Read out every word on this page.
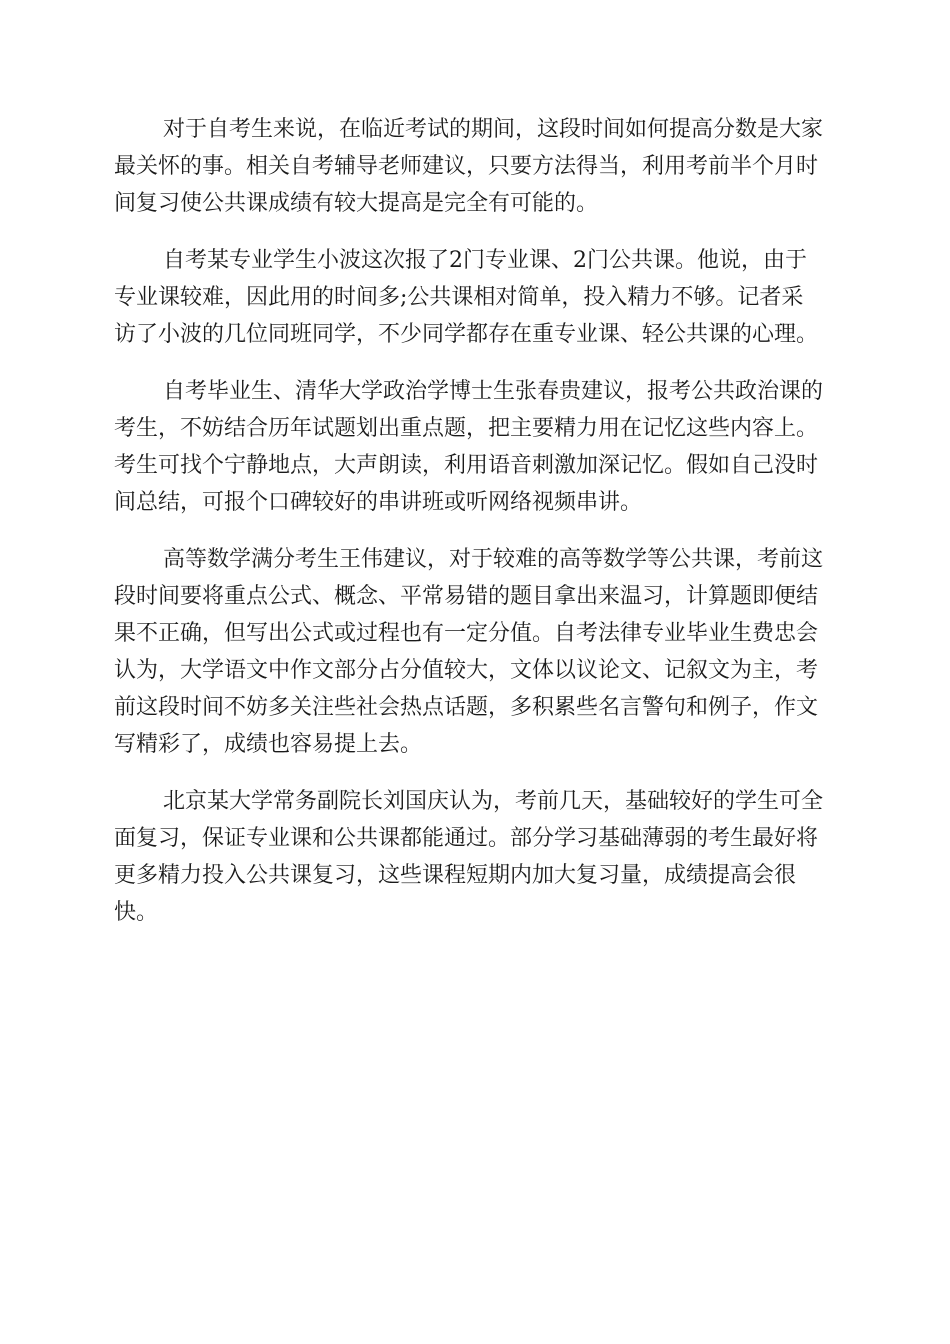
对于自考生来说，在临近考试的期间，这段时间如何提高分数是大家
最关怀的事。相关自考辅导老师建议，只要方法得当，利用考前半个月时
间复习使公共课成绩有较大提高是完全有可能的。
自考某专业学生小波这次报了2门专业课、2门公共课。他说，由于
专业课较难，因此用的时间多;公共课相对简单，投入精力不够。记者采
访了小波的几位同班同学，不少同学都存在重专业课、轻公共课的心理。
自考毕业生、清华大学政治学博士生张春贵建议，报考公共政治课的
考生，不妨结合历年试题划出重点题，把主要精力用在记忆这些内容上。
考生可找个宁静地点，大声朗读，利用语音刺激加深记忆。假如自己没时
间总结，可报个口碑较好的串讲班或听网络视频串讲。
高等数学满分考生王伟建议，对于较难的高等数学等公共课，考前这
段时间要将重点公式、概念、平常易错的题目拿出来温习，计算题即便结
果不正确，但写出公式或过程也有一定分值。自考法律专业毕业生费忠会
认为，大学语文中作文部分占分值较大，文体以议论文、记叙文为主，考
前这段时间不妨多关注些社会热点话题，多积累些名言警句和例子，作文
写精彩了，成绩也容易提上去。
北京某大学常务副院长刘国庆认为，考前几天，基础较好的学生可全
面复习，保证专业课和公共课都能通过。部分学习基础薄弱的考生最好将
更多精力投入公共课复习，这些课程短期内加大复习量，成绩提高会很
快。
